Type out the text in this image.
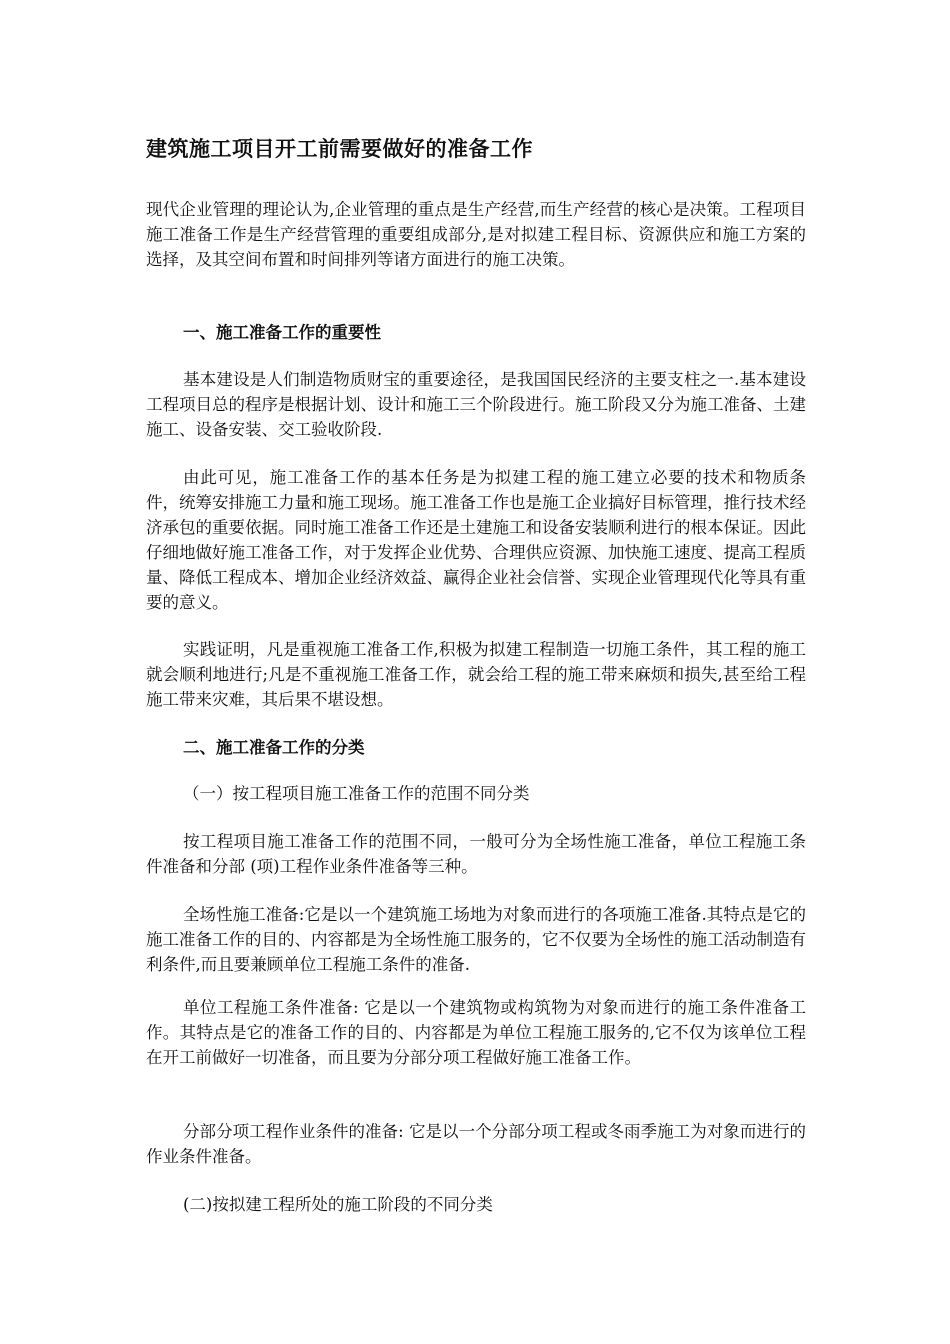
建筑施工项目开工前需要做好的准备工作

现代企业管理的理论认为,企业管理的重点是生产经营,而生产经营的核心是决策。工程项目施工准备工作是生产经营管理的重要组成部分,是对拟建工程目标、资源供应和施工方案的选择，及其空间布置和时间排列等诸方面进行的施工决策。

一、施工准备工作的重要性

基本建设是人们制造物质财宝的重要途径，是我国国民经济的主要支柱之一.基本建设工程项目总的程序是根据计划、设计和施工三个阶段进行。施工阶段又分为施工准备、土建施工、设备安装、交工验收阶段.

由此可见，施工准备工作的基本任务是为拟建工程的施工建立必要的技术和物质条件，统筹安排施工力量和施工现场。施工准备工作也是施工企业搞好目标管理，推行技术经济承包的重要依据。同时施工准备工作还是土建施工和设备安装顺利进行的根本保证。因此仔细地做好施工准备工作，对于发挥企业优势、合理供应资源、加快施工速度、提高工程质量、降低工程成本、增加企业经济效益、赢得企业社会信誉、实现企业管理现代化等具有重要的意义。

实践证明，凡是重视施工准备工作,积极为拟建工程制造一切施工条件，其工程的施工就会顺利地进行;凡是不重视施工准备工作，就会给工程的施工带来麻烦和损失,甚至给工程施工带来灾难，其后果不堪设想。

二、施工准备工作的分类

（一）按工程项目施工准备工作的范围不同分类

按工程项目施工准备工作的范围不同，一般可分为全场性施工准备，单位工程施工条件准备和分部 (项)工程作业条件准备等三种。

全场性施工准备:它是以一个建筑施工场地为对象而进行的各项施工准备.其特点是它的施工准备工作的目的、内容都是为全场性施工服务的，它不仅要为全场性的施工活动制造有利条件,而且要兼顾单位工程施工条件的准备.

单位工程施工条件准备: 它是以一个建筑物或构筑物为对象而进行的施工条件准备工作。其特点是它的准备工作的目的、内容都是为单位工程施工服务的,它不仅为该单位工程在开工前做好一切准备，而且要为分部分项工程做好施工准备工作。

分部分项工程作业条件的准备: 它是以一个分部分项工程或冬雨季施工为对象而进行的作业条件准备。

(二)按拟建工程所处的施工阶段的不同分类
